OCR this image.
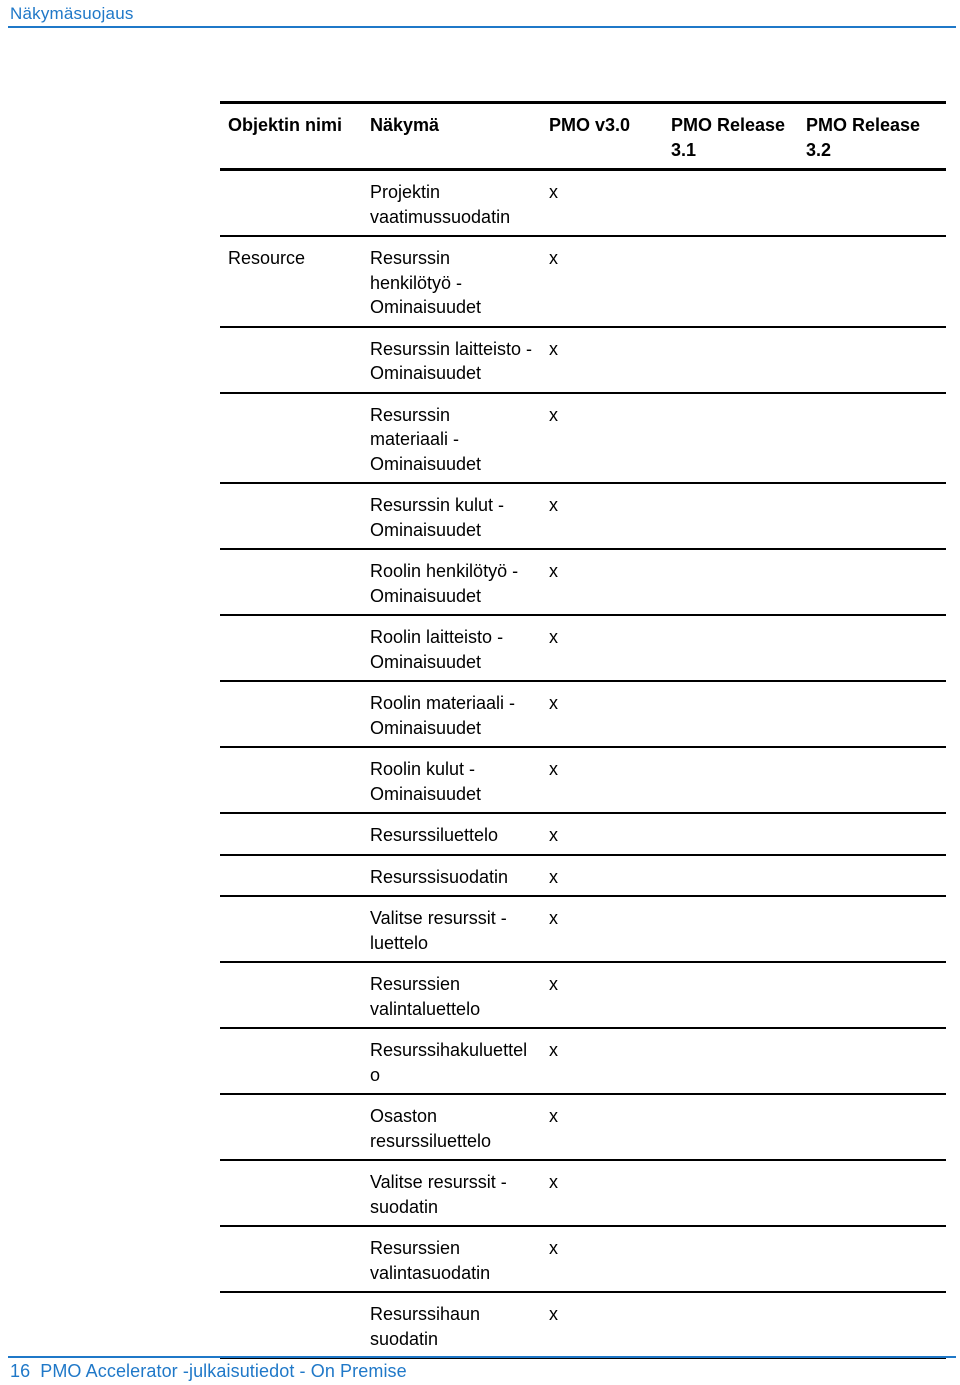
Näkymäsuojaus
Objektin nimi	Näkymä	PMO v3.0	PMO Release 3.1	PMO Release 3.2
	Projektin vaatimussuodatin	x		
Resource	Resurssin henkilötyö - Ominaisuudet	x		
	Resurssin laitteisto - Ominaisuudet	x		
	Resurssin materiaali - Ominaisuudet	x		
	Resurssin kulut - Ominaisuudet	x		
	Roolin henkilötyö - Ominaisuudet	x		
	Roolin laitteisto - Ominaisuudet	x		
	Roolin materiaali - Ominaisuudet	x		
	Roolin kulut - Ominaisuudet	x		
	Resurssiluettelo	x		
	Resurssisuodatin	x		
	Valitse resurssit -luettelo	x		
	Resurssien valintaluettelo	x		
	Resurssihakuluettelo	x		
	Osaston resurssiluettelo	x		
	Valitse resurssit -suodatin	x		
	Resurssien valintasuodatin	x		
	Resurssihaun suodatin	x		
16 PMO Accelerator -julkaisutiedot - On Premise
